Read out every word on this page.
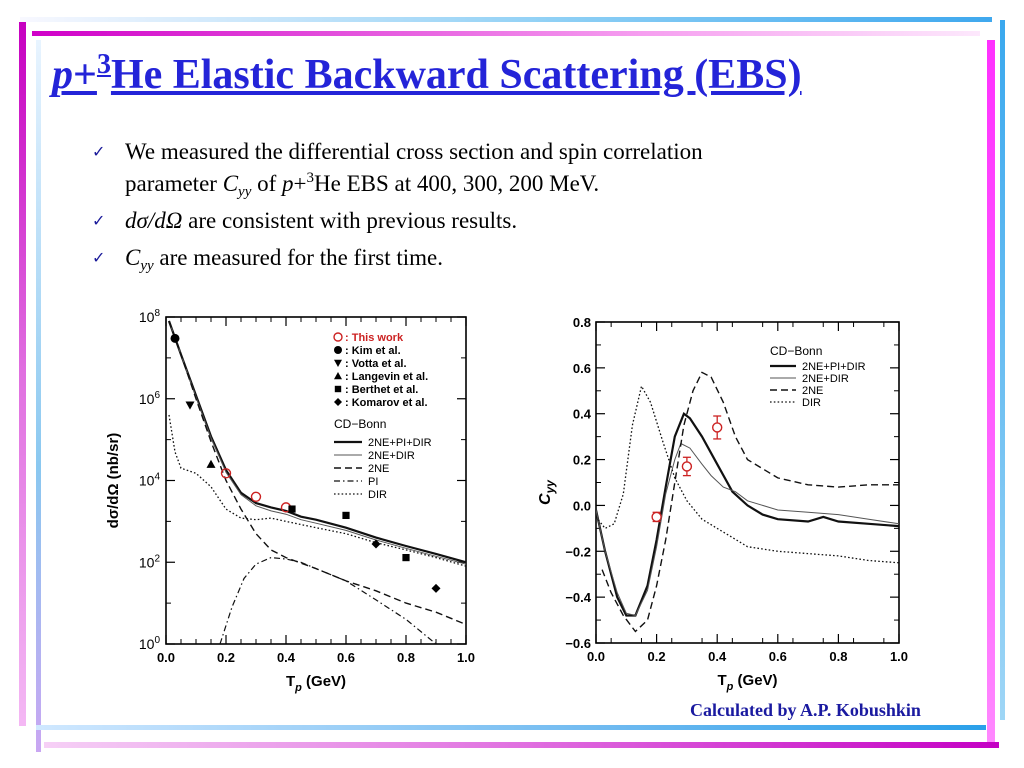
p+$^3$He Elastic Backward Scattering (EBS)
✓ We measured the differential cross section and spin correlation
parameter $C_{yy}$ of p+$^3$He EBS at 400, 300, 200 MeV.
✓ dσ/dΩ are consistent with previous results.
✓ $C_{yy}$ are measured for the first time.
$10^0$
$10^2$
$10^4$
$10^6$
$10^8$
0.0	0.2	0.4	0.6	0.8	1.0
$T_p$ (GeV)
dσ/dΩ (nb/sr)
: This work
: Kim et al.
: Votta et al.
: Langevin et al.
: Berthet et al.
: Komarov et al.
CD−Bonn
2NE+PI+DIR
2NE+DIR
2NE
PI
DIR
−0.6
−0.4
−0.2
0.0
0.2
0.4
0.6
0.8
0.0	0.2	0.4	0.6	0.8	1.0
$T_p$ (GeV)
$C_{yy}$
CD−Bonn
2NE+PI+DIR
2NE+DIR
2NE
DIR
Calculated by A.P. Kobushkin
